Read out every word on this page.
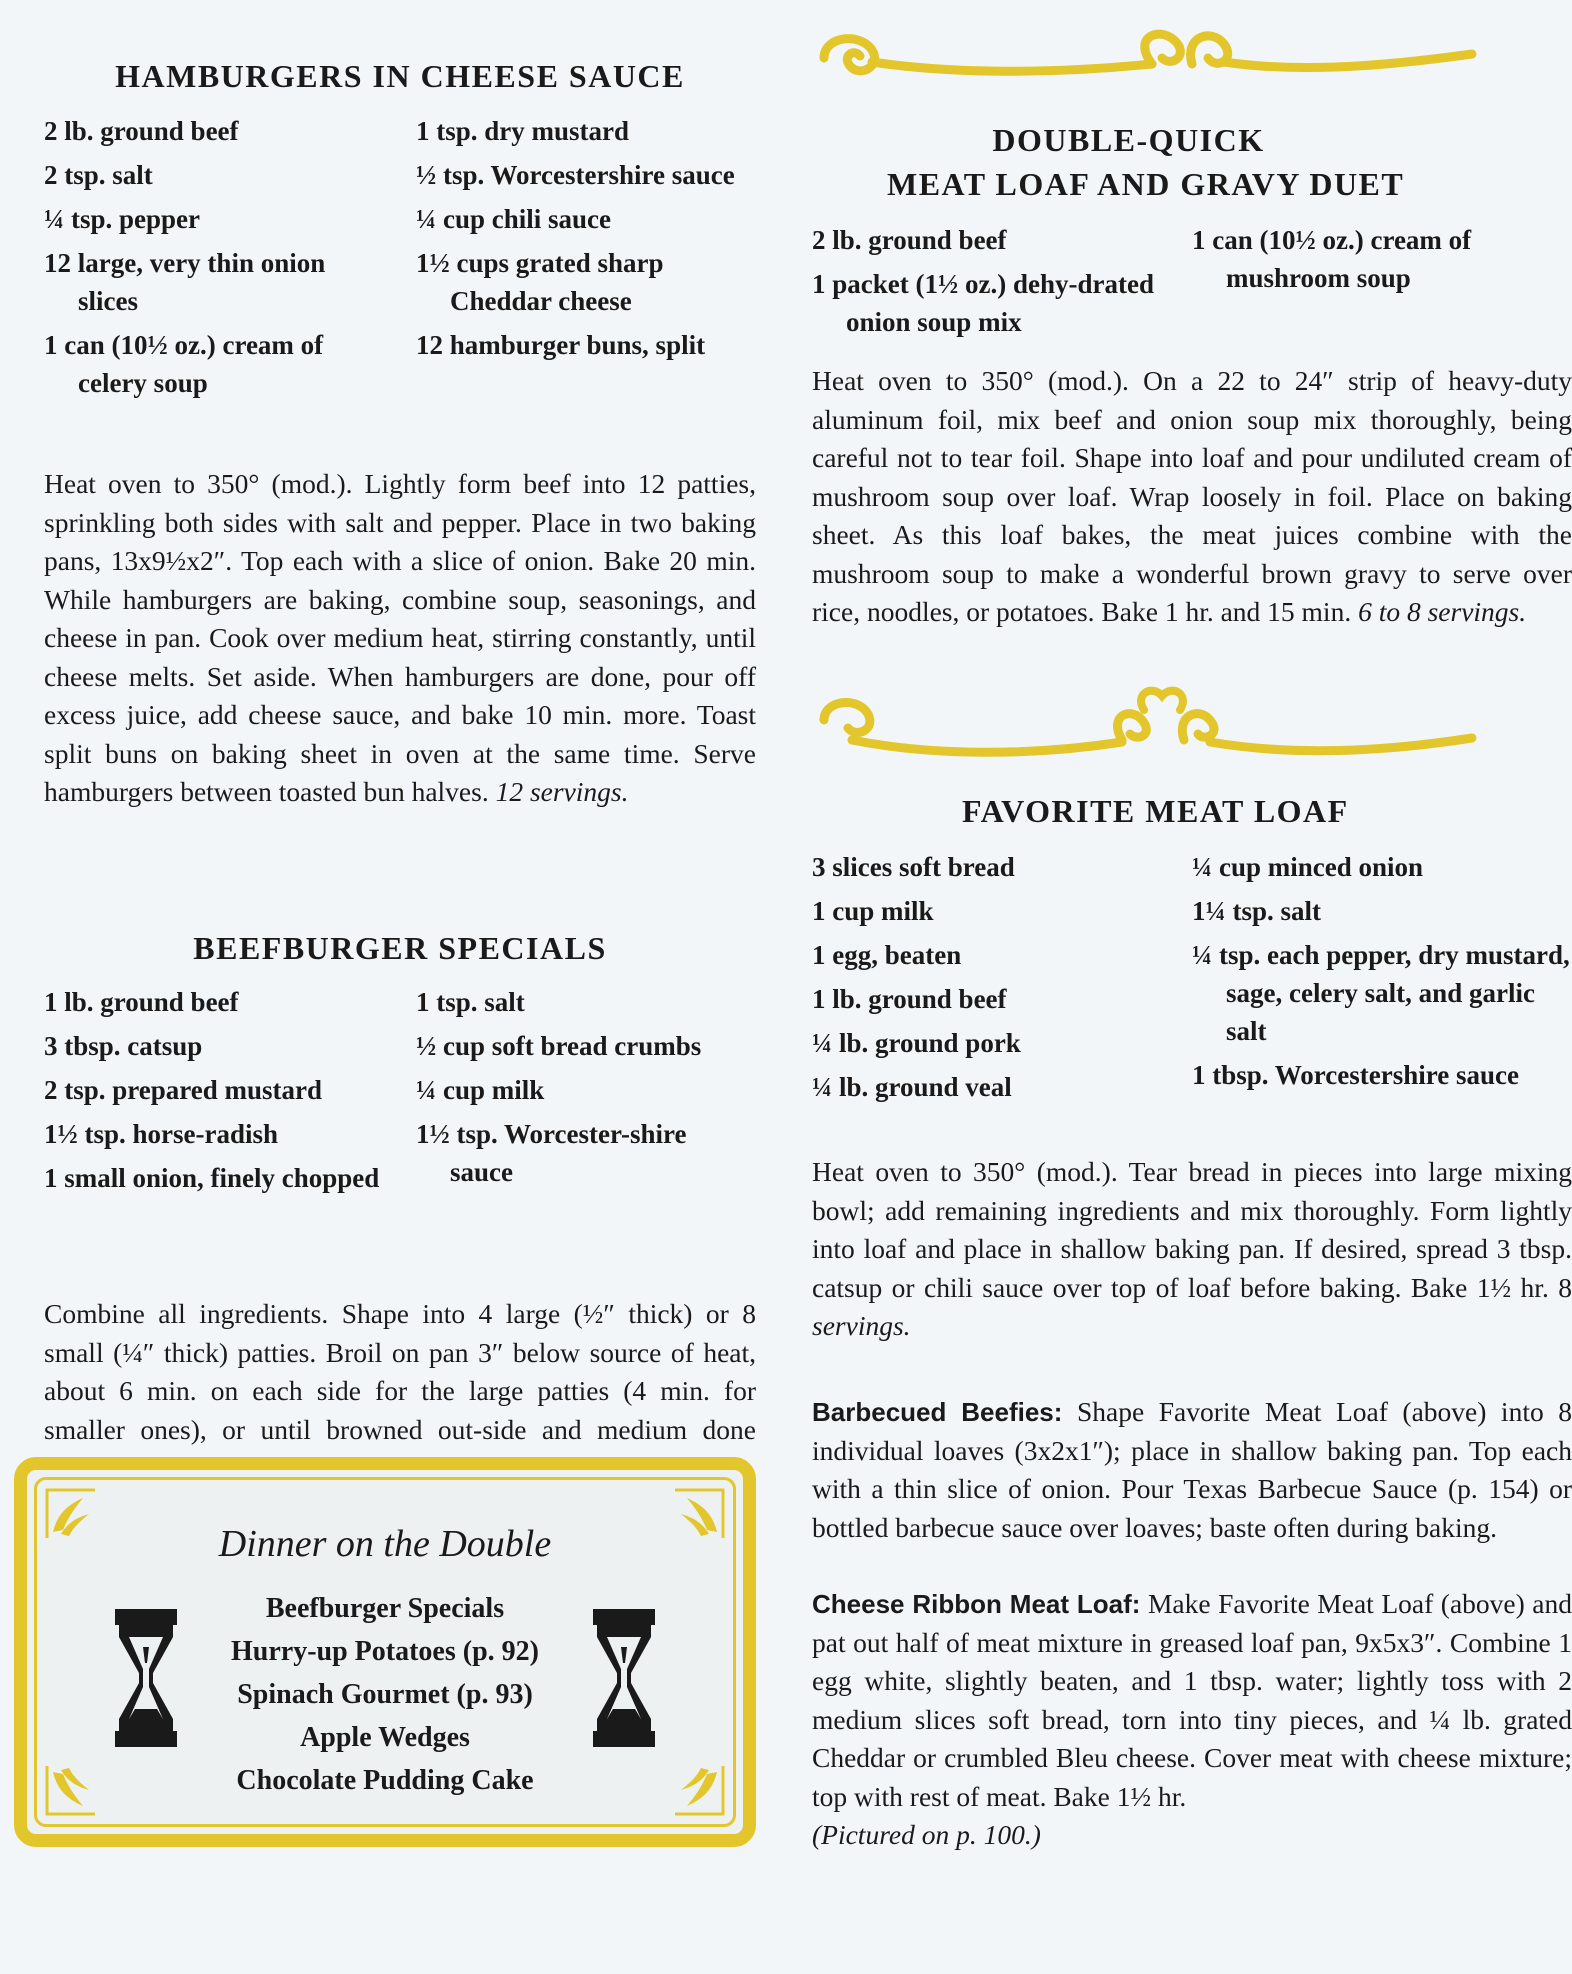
HAMBURGERS IN CHEESE SAUCE
2 lb. ground beef
2 tsp. salt
¼ tsp. pepper
12 large, very thin onion slices
1 can (10½ oz.) cream of celery soup
1 tsp. dry mustard
½ tsp. Worcestershire sauce
¼ cup chili sauce
1½ cups grated sharp Cheddar cheese
12 hamburger buns, split

Heat oven to 350° (mod.). Lightly form beef into 12 patties, sprinkling both sides with salt and pepper. Place in two baking pans, 13x9½x2″. Top each with a slice of onion. Bake 20 min. While hamburgers are baking, combine soup, seasonings, and cheese in pan. Cook over medium heat, stirring constantly, until cheese melts. Set aside. When hamburgers are done, pour off excess juice, add cheese sauce, and bake 10 min. more. Toast split buns on baking sheet in oven at the same time. Serve hamburgers between toasted bun halves. 12 servings.

BEEFBURGER SPECIALS
1 lb. ground beef
3 tbsp. catsup
2 tsp. prepared mustard
1½ tsp. horse-radish
1 small onion, finely chopped
1 tsp. salt
½ cup soft bread crumbs
¼ cup milk
1½ tsp. Worcester-shire sauce

Combine all ingredients. Shape into 4 large (½″ thick) or 8 small (¼″ thick) patties. Broil on pan 3″ below source of heat, about 6 min. on each side for the large patties (4 min. for smaller ones), or until browned out-side and medium done

Dinner on the Double
Beefburger Specials
Hurry-up Potatoes (p. 92)
Spinach Gourmet (p. 93)
Apple Wedges
Chocolate Pudding Cake
DOUBLE-QUICK
MEAT LOAF AND GRAVY DUET
2 lb. ground beef
1 packet (1½ oz.) dehy-drated onion soup mix
1 can (10½ oz.) cream of mushroom soup

Heat oven to 350° (mod.). On a 22 to 24″ strip of heavy-duty aluminum foil, mix beef and onion soup mix thoroughly, being careful not to tear foil. Shape into loaf and pour undiluted cream of mushroom soup over loaf. Wrap loosely in foil. Place on baking sheet. As this loaf bakes, the meat juices combine with the mushroom soup to make a wonderful brown gravy to serve over rice, noodles, or potatoes. Bake 1 hr. and 15 min. 6 to 8 servings.

FAVORITE MEAT LOAF
3 slices soft bread
1 cup milk
1 egg, beaten
1 lb. ground beef
¼ lb. ground pork
¼ lb. ground veal
¼ cup minced onion
1¼ tsp. salt
¼ tsp. each pepper, dry mustard, sage, celery salt, and garlic salt
1 tbsp. Worcestershire sauce

Heat oven to 350° (mod.). Tear bread in pieces into large mixing bowl; add remaining ingredients and mix thoroughly. Form lightly into loaf and place in shallow baking pan. If desired, spread 3 tbsp. catsup or chili sauce over top of loaf before baking. Bake 1½ hr. 8 servings.

Barbecued Beefies: Shape Favorite Meat Loaf (above) into 8 individual loaves (3x2x1″); place in shallow baking pan. Top each with a thin slice of onion. Pour Texas Barbecue Sauce (p. 154) or bottled barbecue sauce over loaves; baste often during baking.

Cheese Ribbon Meat Loaf: Make Favorite Meat Loaf (above) and pat out half of meat mixture in greased loaf pan, 9x5x3″. Combine 1 egg white, slightly beaten, and 1 tbsp. water; lightly toss with 2 medium slices soft bread, torn into tiny pieces, and ¼ lb. grated Cheddar or crumbled Bleu cheese. Cover meat with cheese mixture; top with rest of meat. Bake 1½ hr.
(Pictured on p. 100.)
